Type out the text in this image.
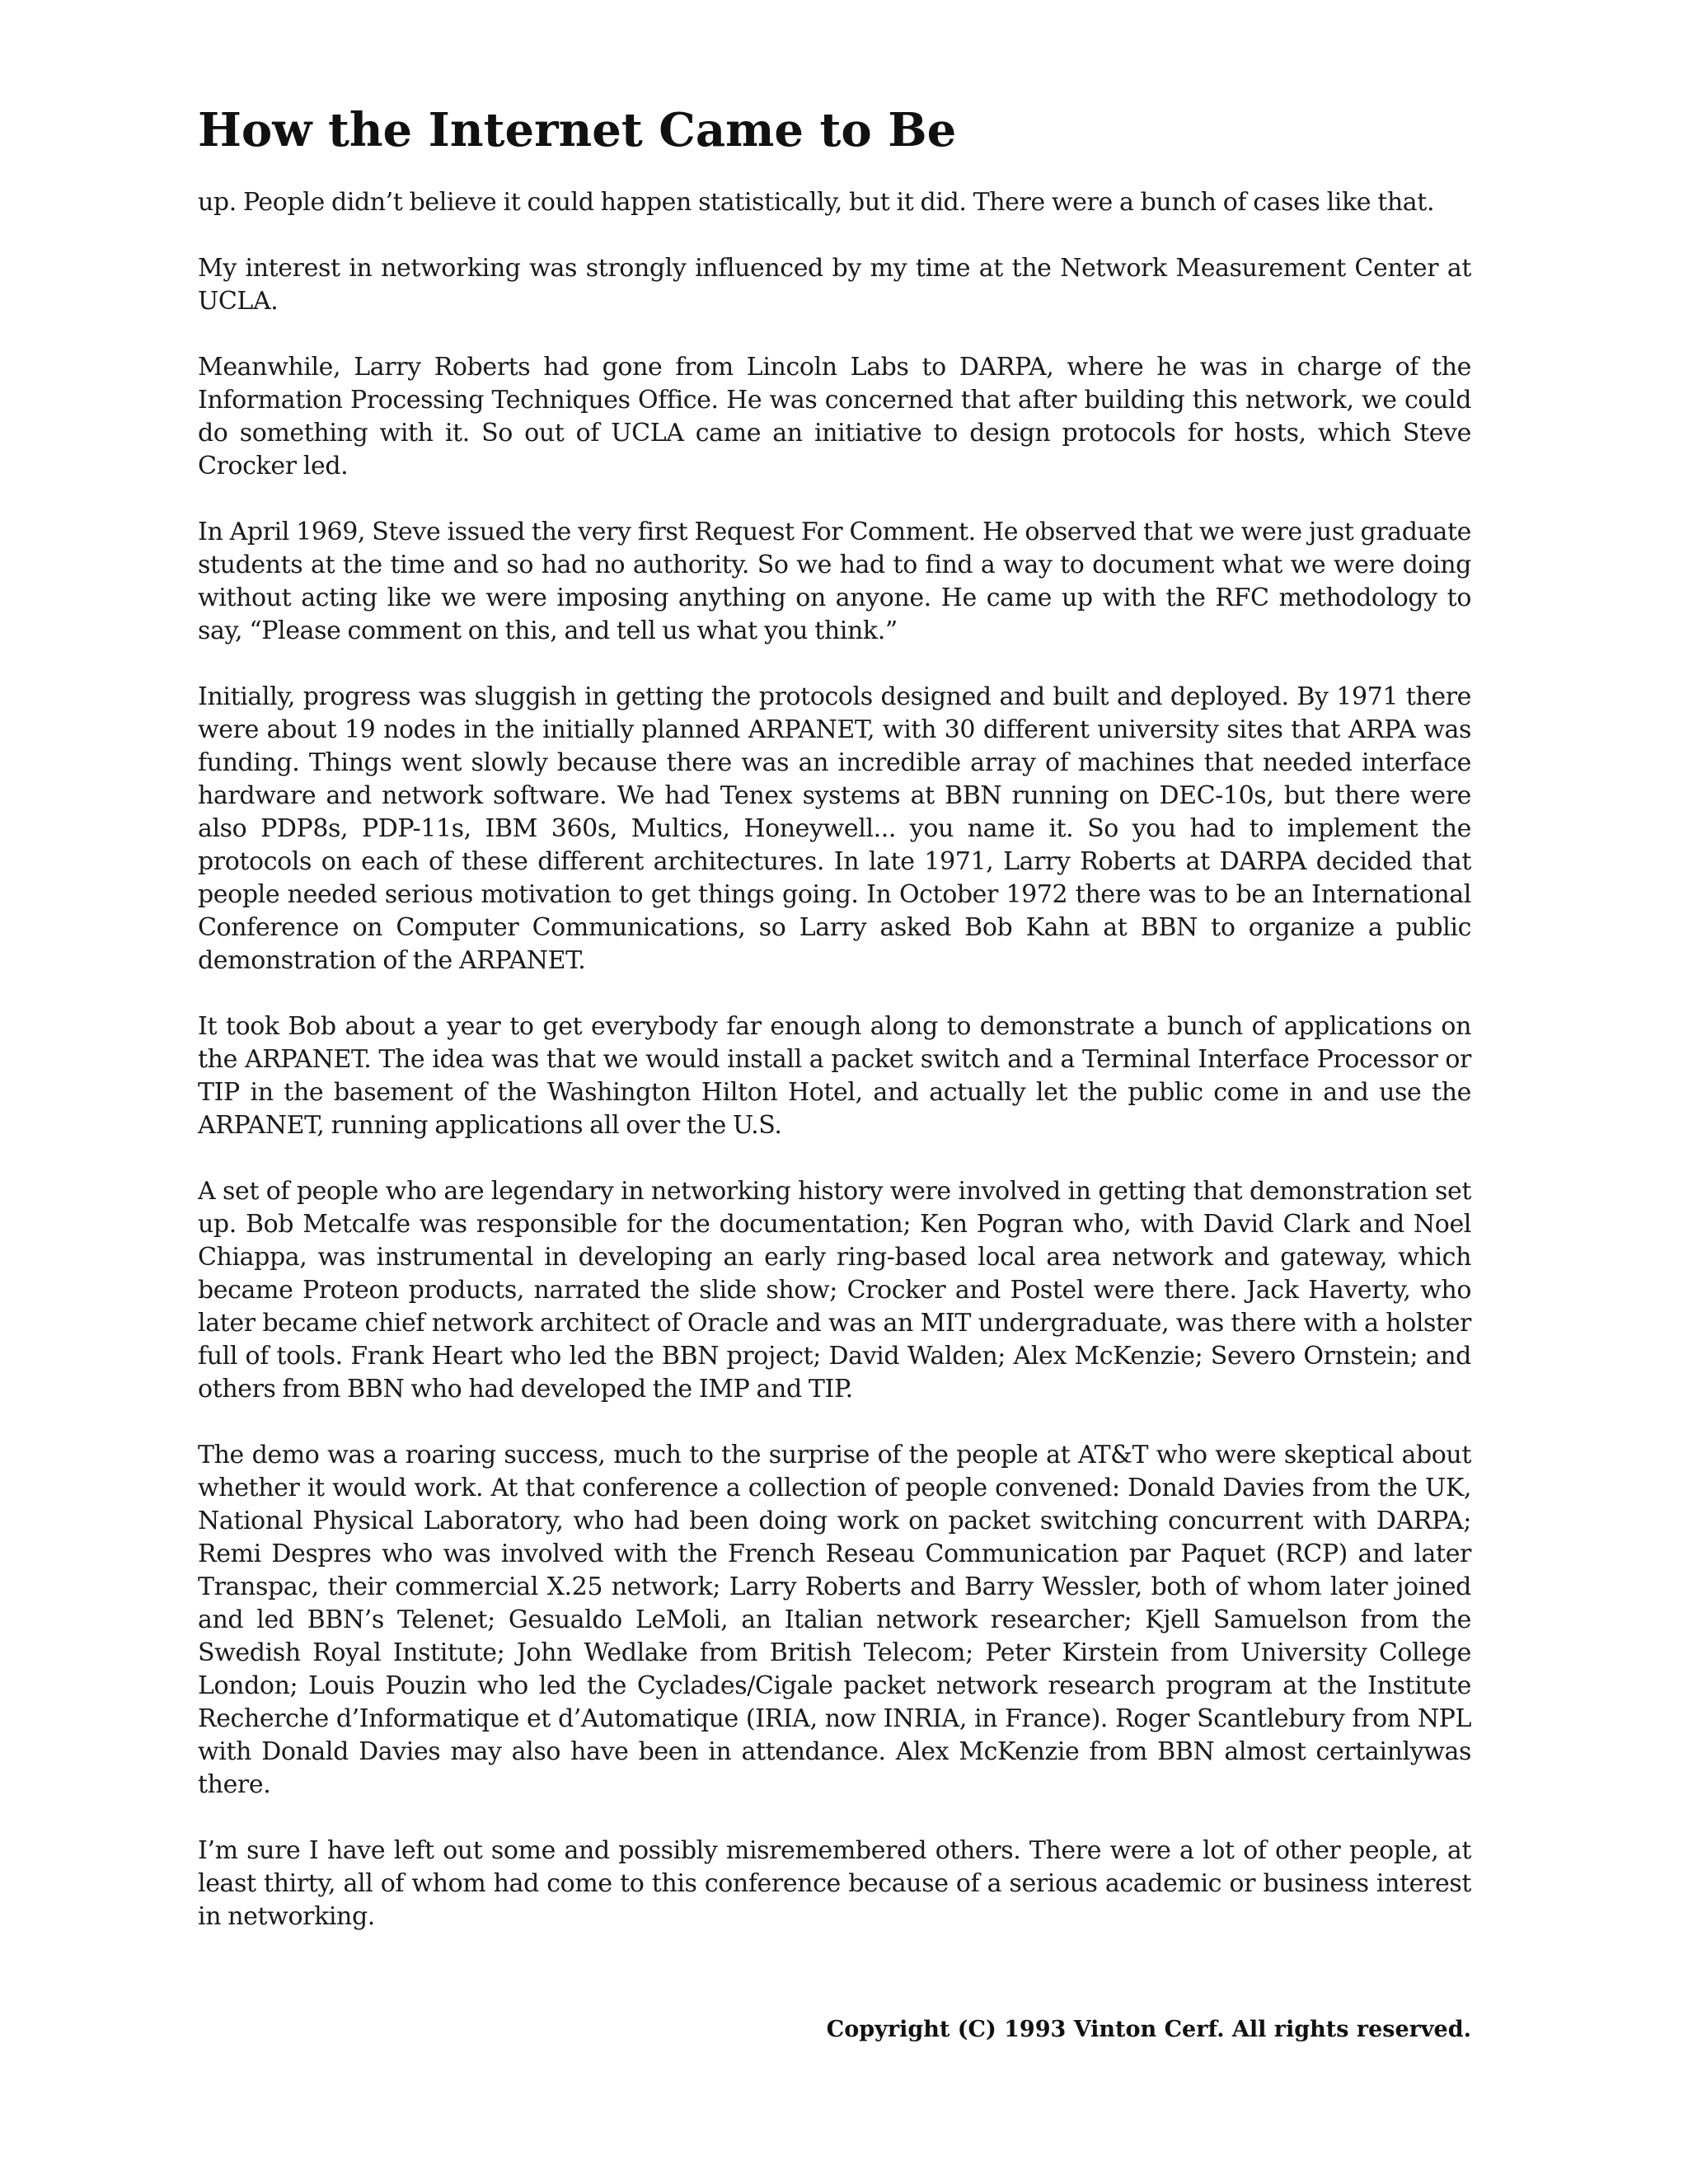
How the Internet Came to Be

up. People didn’t believe it could happen statistically, but it did. There were a bunch of cases like that.

My interest in networking was strongly influenced by my time at the Network Measurement Center at UCLA.

Meanwhile, Larry Roberts had gone from Lincoln Labs to DARPA, where he was in charge of the Information Processing Techniques Office. He was concerned that after building this network, we could do something with it. So out of UCLA came an initiative to design protocols for hosts, which Steve Crocker led.

In April 1969, Steve issued the very first Request For Comment. He observed that we were just graduate students at the time and so had no authority. So we had to find a way to document what we were doing without acting like we were imposing anything on anyone. He came up with the RFC methodology to say, “Please comment on this, and tell us what you think.”

Initially, progress was sluggish in getting the protocols designed and built and deployed. By 1971 there were about 19 nodes in the initially planned ARPANET, with 30 different university sites that ARPA was funding. Things went slowly because there was an incredible array of machines that needed interface hardware and network software. We had Tenex systems at BBN running on DEC-10s, but there were also PDP8s, PDP-11s, IBM 360s, Multics, Honeywell... you name it. So you had to implement the protocols on each of these different architectures. In late 1971, Larry Roberts at DARPA decided that people needed serious motivation to get things going. In October 1972 there was to be an International Conference on Computer Communications, so Larry asked Bob Kahn at BBN to organize a public demonstration of the ARPANET.

It took Bob about a year to get everybody far enough along to demonstrate a bunch of applications on the ARPANET. The idea was that we would install a packet switch and a Terminal Interface Processor or TIP in the basement of the Washington Hilton Hotel, and actually let the public come in and use the ARPANET, running applications all over the U.S.

A set of people who are legendary in networking history were involved in getting that demonstration set up. Bob Metcalfe was responsible for the documentation; Ken Pogran who, with David Clark and Noel Chiappa, was instrumental in developing an early ring-based local area network and gateway, which became Proteon products, narrated the slide show; Crocker and Postel were there. Jack Haverty, who later became chief network architect of Oracle and was an MIT undergraduate, was there with a holster full of tools. Frank Heart who led the BBN project; David Walden; Alex McKenzie; Severo Ornstein; and others from BBN who had developed the IMP and TIP.

The demo was a roaring success, much to the surprise of the people at AT&T who were skeptical about whether it would work. At that conference a collection of people convened: Donald Davies from the UK, National Physical Laboratory, who had been doing work on packet switching concurrent with DARPA; Remi Despres who was involved with the French Reseau Communication par Paquet (RCP) and later Transpac, their commercial X.25 network; Larry Roberts and Barry Wessler, both of whom later joined and led BBN’s Telenet; Gesualdo LeMoli, an Italian network researcher; Kjell Samuelson from the Swedish Royal Institute; John Wedlake from British Telecom; Peter Kirstein from University College London; Louis Pouzin who led the Cyclades/Cigale packet network research program at the Institute Recherche d’Informatique et d’Automatique (IRIA, now INRIA, in France). Roger Scantlebury from NPL with Donald Davies may also have been in attendance. Alex McKenzie from BBN almost certainlywas there.

I’m sure I have left out some and possibly misremembered others. There were a lot of other people, at least thirty, all of whom had come to this conference because of a serious academic or business interest in networking.

Copyright (C) 1993 Vinton Cerf. All rights reserved.
